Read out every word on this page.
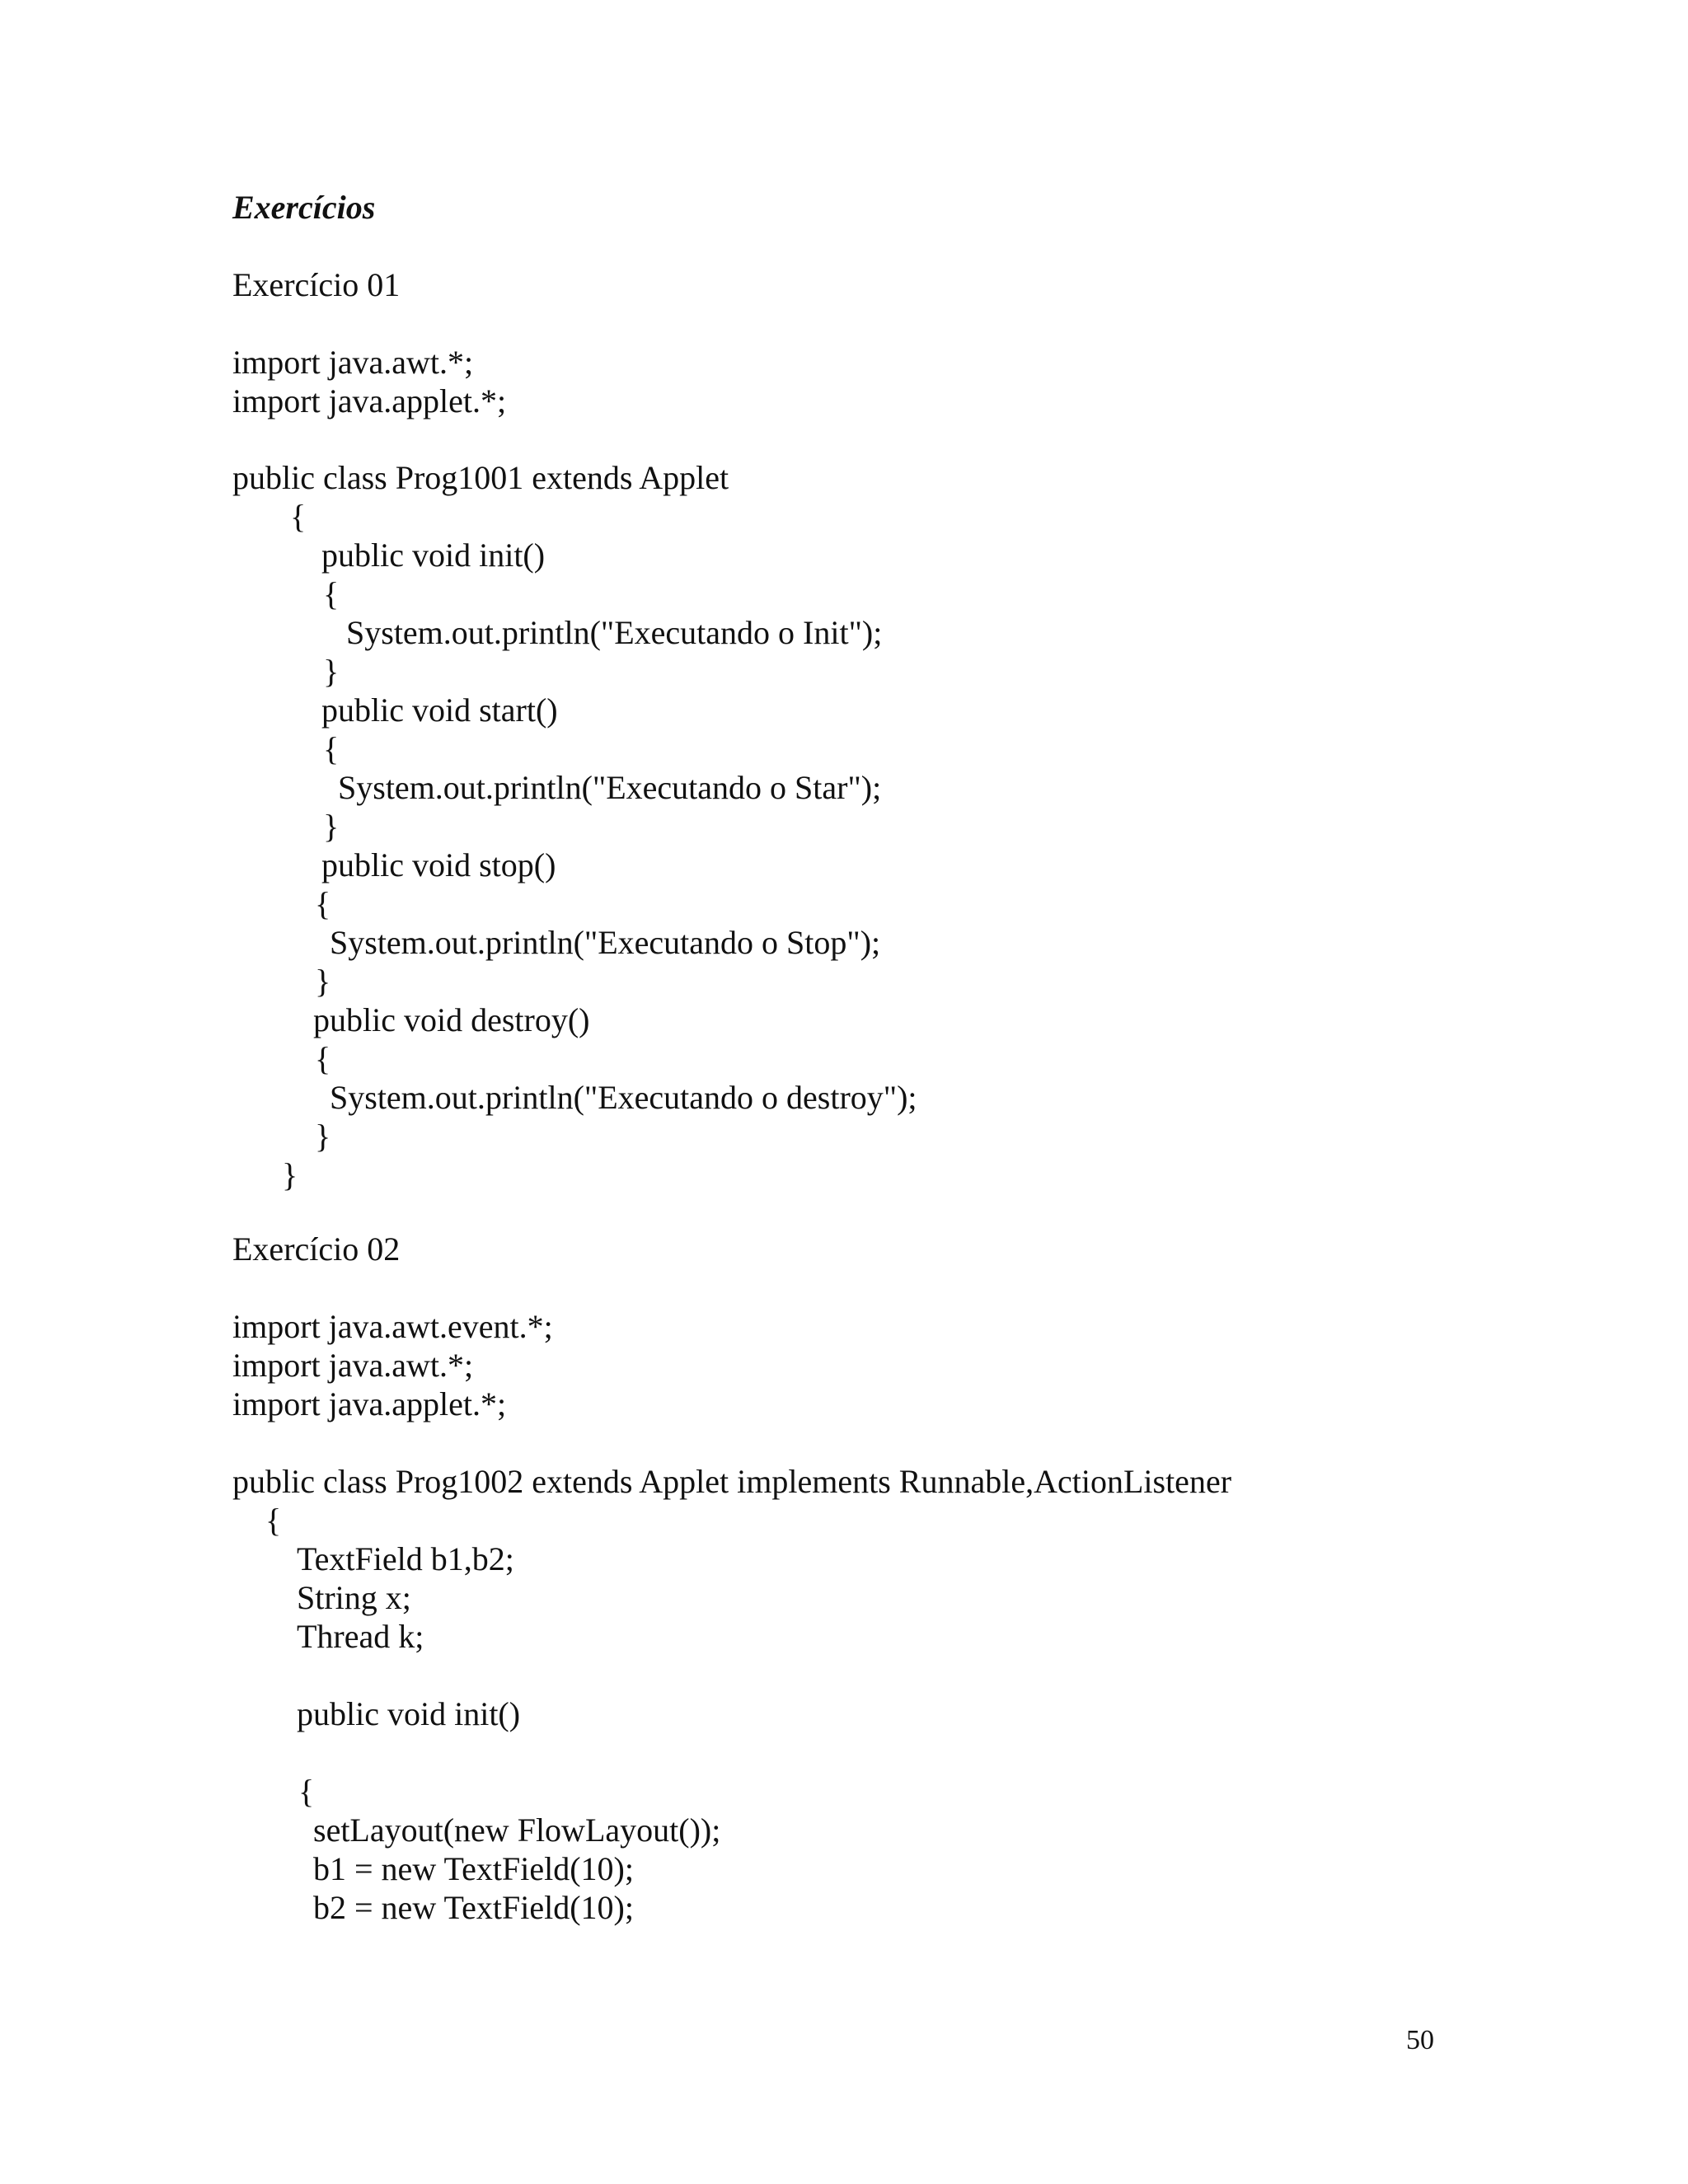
Exercícios
Exercício 01
import java.awt.*;
import java.applet.*;
public class Prog1001 extends Applet
{
public void init()
{
System.out.println("Executando o Init");
}
public void start()
{
System.out.println("Executando o Star");
}
public void stop()
{
System.out.println("Executando o Stop");
}
public void destroy()
{
System.out.println("Executando o destroy");
}
}
Exercício 02
import java.awt.event.*;
import java.awt.*;
import java.applet.*;
public class Prog1002 extends Applet implements Runnable,ActionListener
{
TextField b1,b2;
String x;
Thread k;
public void init()
{
setLayout(new FlowLayout());
b1 = new TextField(10);
b2 = new TextField(10);
50
